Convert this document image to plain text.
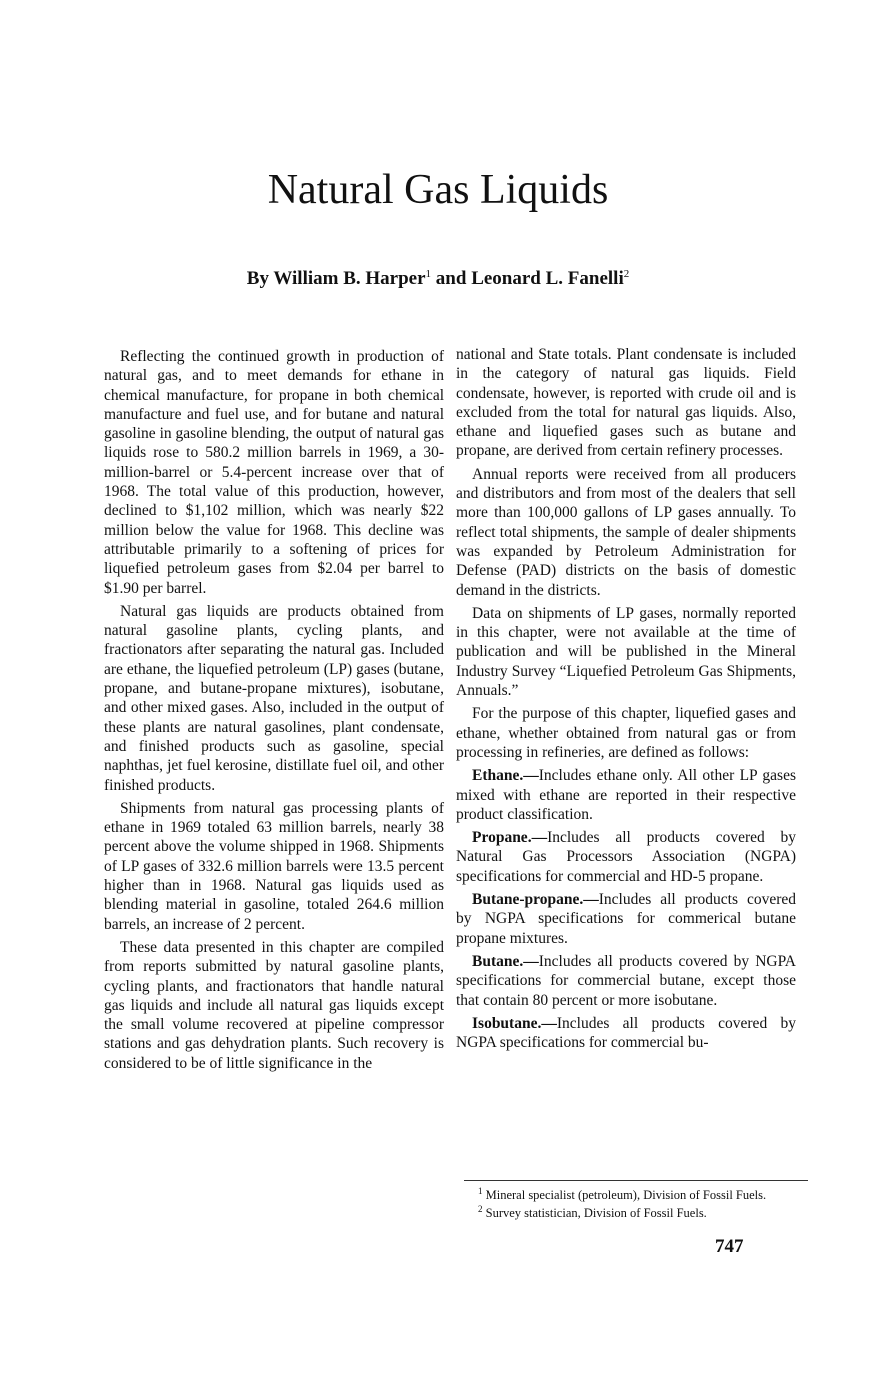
Natural Gas Liquids
By William B. Harper$^1$ and Leonard L. Fanelli$^2$

Reflecting the continued growth in production of natural gas, and to meet demands for ethane in chemical manufacture, for propane in both chemical manufacture and fuel use, and for butane and natural gasoline in gasoline blending, the output of natural gas liquids rose to 580.2 million barrels in 1969, a 30-million-barrel or 5.4-percent increase over that of 1968. The total value of this production, however, declined to $1,102 million, which was nearly $22 million below the value for 1968. This decline was attributable primarily to a softening of prices for liquefied petroleum gases from $2.04 per barrel to $1.90 per barrel.

Natural gas liquids are products obtained from natural gasoline plants, cycling plants, and fractionators after separating the natural gas. Included are ethane, the liquefied petroleum (LP) gases (butane, propane, and butane-propane mixtures), isobutane, and other mixed gases. Also, included in the output of these plants are natural gasolines, plant condensate, and finished products such as gasoline, special naphthas, jet fuel kerosine, distillate fuel oil, and other finished products.

Shipments from natural gas processing plants of ethane in 1969 totaled 63 million barrels, nearly 38 percent above the volume shipped in 1968. Shipments of LP gases of 332.6 million barrels were 13.5 percent higher than in 1968. Natural gas liquids used as blending material in gasoline, totaled 264.6 million barrels, an increase of 2 percent.

These data presented in this chapter are compiled from reports submitted by natural gasoline plants, cycling plants, and fractionators that handle natural gas liquids and include all natural gas liquids except the small volume recovered at pipeline compressor stations and gas dehydration plants. Such recovery is considered to be of little significance in the

national and State totals. Plant condensate is included in the category of natural gas liquids. Field condensate, however, is reported with crude oil and is excluded from the total for natural gas liquids. Also, ethane and liquefied gases such as butane and propane, are derived from certain refinery processes.

Annual reports were received from all producers and distributors and from most of the dealers that sell more than 100,000 gallons of LP gases annually. To reflect total shipments, the sample of dealer shipments was expanded by Petroleum Administration for Defense (PAD) districts on the basis of domestic demand in the districts.

Data on shipments of LP gases, normally reported in this chapter, were not available at the time of publication and will be published in the Mineral Industry Survey “Liquefied Petroleum Gas Shipments, Annuals.”

For the purpose of this chapter, liquefied gases and ethane, whether obtained from natural gas or from processing in refineries, are defined as follows:

Ethane.—Includes ethane only. All other LP gases mixed with ethane are reported in their respective product classification.

Propane.—Includes all products covered by Natural Gas Processors Association (NGPA) specifications for commercial and HD-5 propane.

Butane-propane.—Includes all products covered by NGPA specifications for commerical butane propane mixtures.

Butane.—Includes all products covered by NGPA specifications for commercial butane, except those that contain 80 percent or more isobutane.

Isobutane.—Includes all products covered by NGPA specifications for commercial bu-

$^1$ Mineral specialist (petroleum), Division of Fossil Fuels.
$^2$ Survey statistician, Division of Fossil Fuels.
747
